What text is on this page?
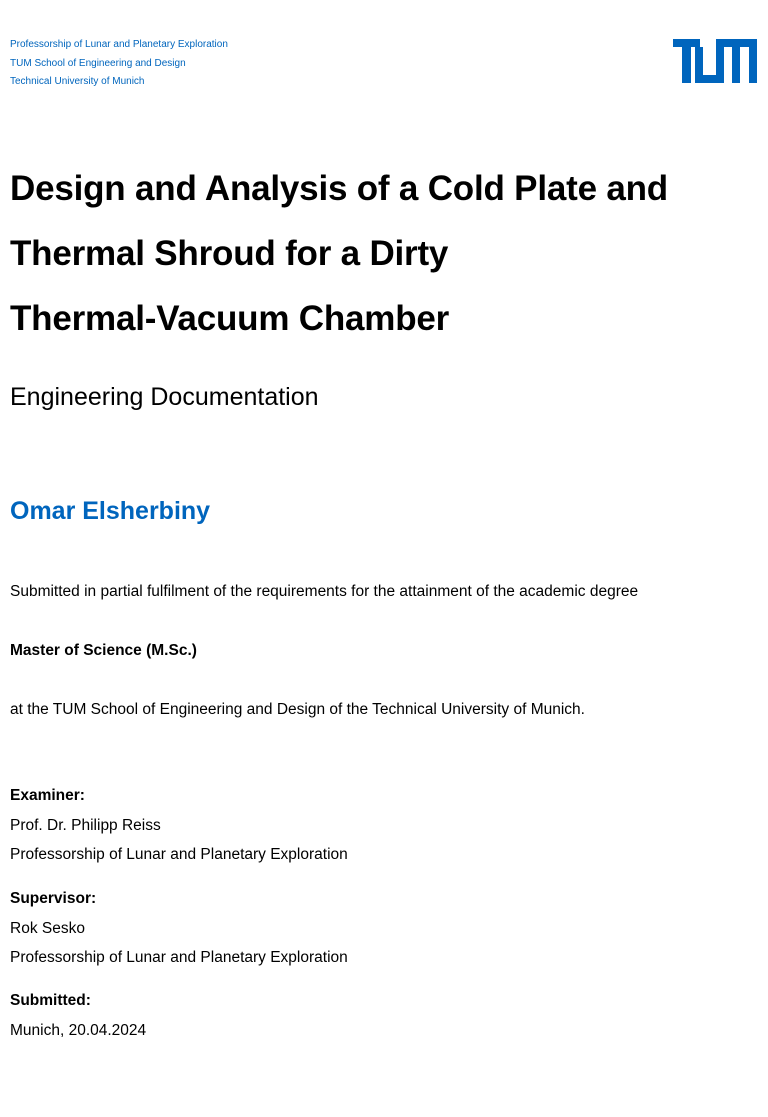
Professorship of Lunar and Planetary Exploration
TUM School of Engineering and Design
Technical University of Munich
Design and Analysis of a Cold Plate and
Thermal Shroud for a Dirty
Thermal-Vacuum Chamber
Engineering Documentation
Omar Elsherbiny
Submitted in partial fulfilment of the requirements for the attainment of the academic degree
Master of Science (M.Sc.)
at the TUM School of Engineering and Design of the Technical University of Munich.
Examiner:
Prof. Dr. Philipp Reiss
Professorship of Lunar and Planetary Exploration
Supervisor:
Rok Sesko
Professorship of Lunar and Planetary Exploration
Submitted:
Munich, 20.04.2024
